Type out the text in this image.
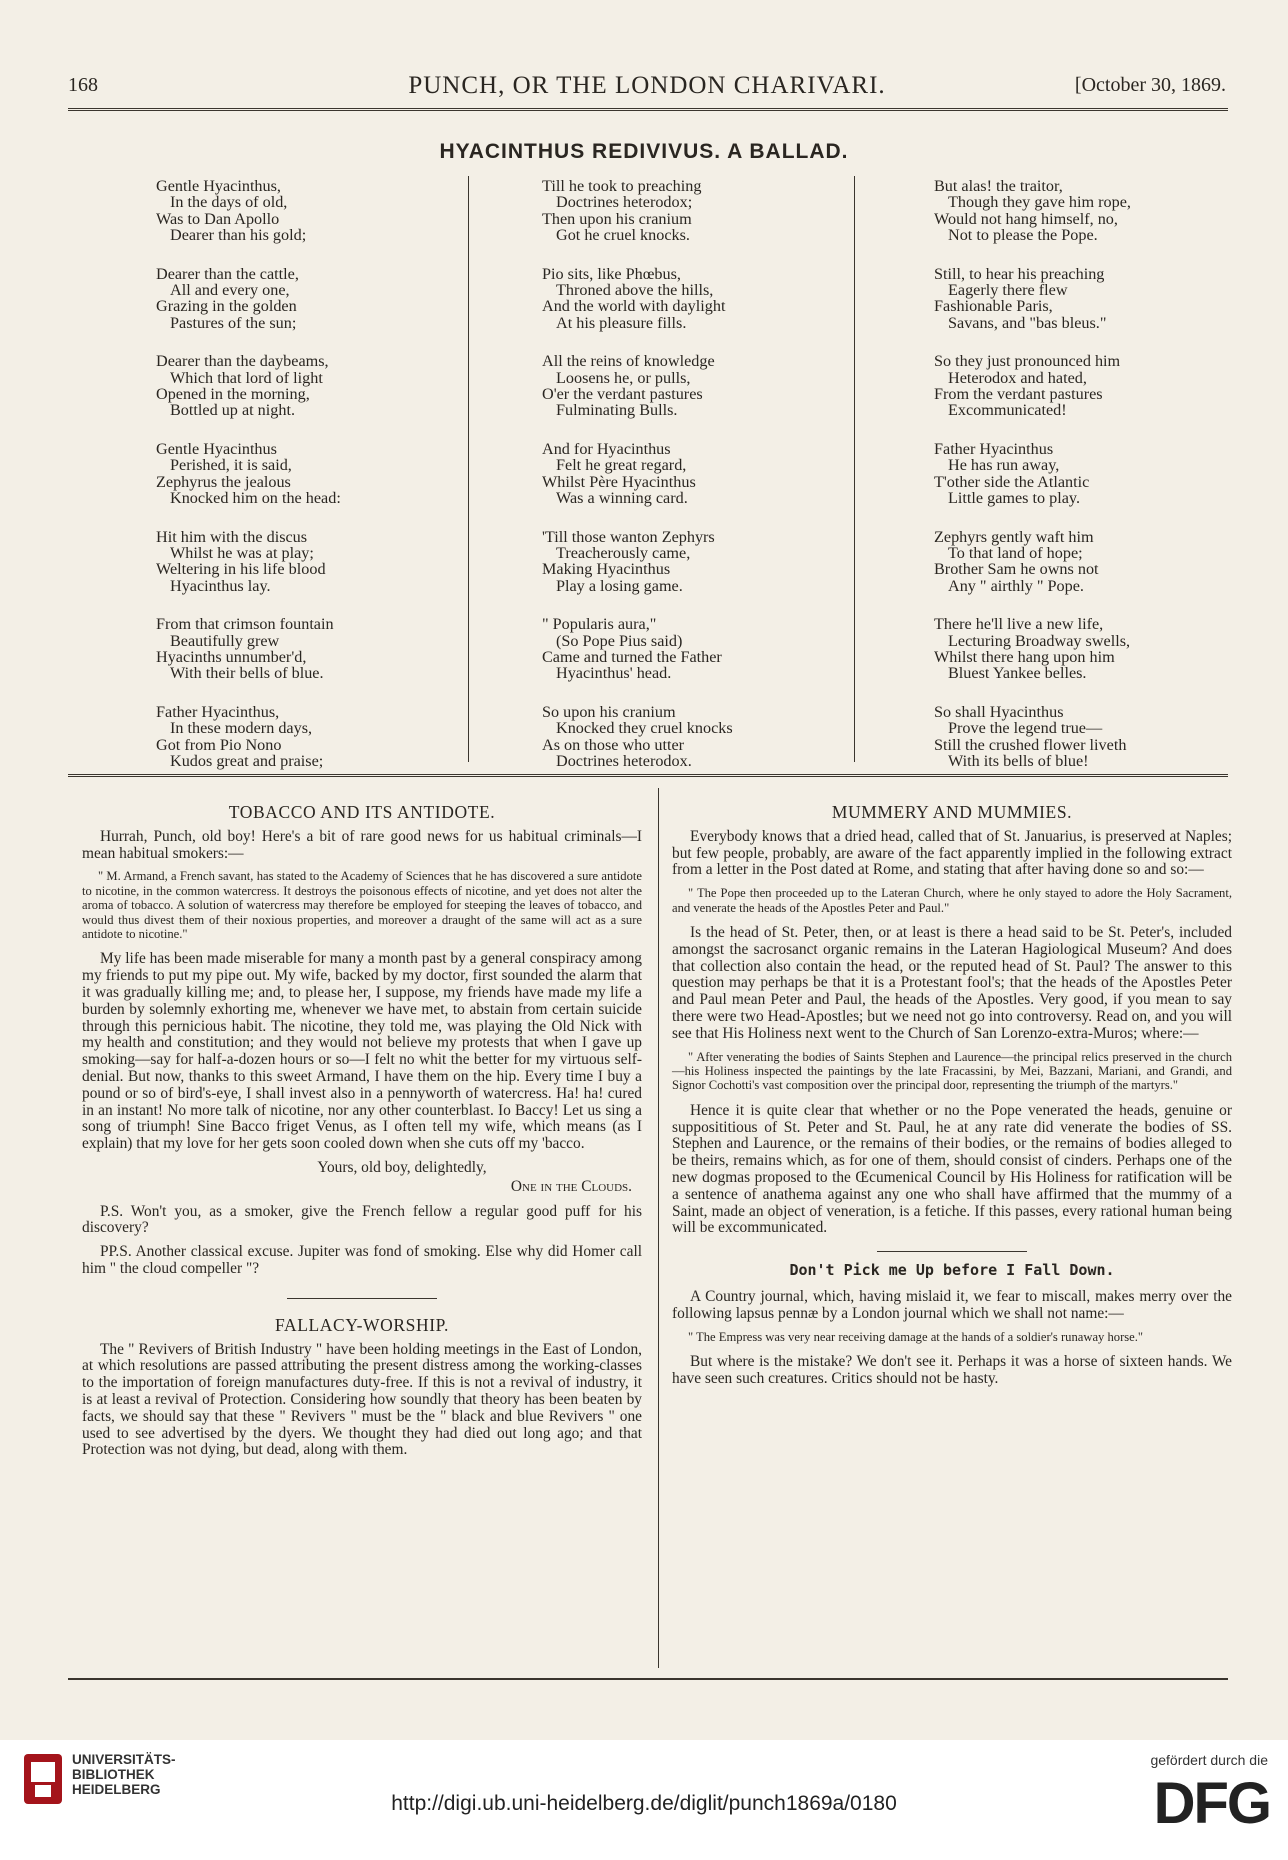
168	PUNCH, OR THE LONDON CHARIVARI.	[October 30, 1869.
HYACINTHUS REDIVIVUS. A BALLAD.
Gentle Hyacinthus,
In the days of old,
Was to Dan Apollo
Dearer than his gold;
Dearer than the cattle,
All and every one,
Grazing in the golden
Pastures of the sun;
Dearer than the daybeams,
Which that lord of light
Opened in the morning,
Bottled up at night.
Gentle Hyacinthus
Perished, it is said,
Zephyrus the jealous
Knocked him on the head:
Hit him with the discus
Whilst he was at play;
Weltering in his life blood
Hyacinthus lay.
From that crimson fountain
Beautifully grew
Hyacinths unnumber'd,
With their bells of blue.
Father Hyacinthus,
In these modern days,
Got from Pio Nono
Kudos great and praise;
Till he took to preaching
Doctrines heterodox;
Then upon his cranium
Got he cruel knocks.
Pio sits, like Phœbus,
Throned above the hills,
And the world with daylight
At his pleasure fills.
All the reins of knowledge
Loosens he, or pulls,
O'er the verdant pastures
Fulminating Bulls.
And for Hyacinthus
Felt he great regard,
Whilst Père Hyacinthus
Was a winning card.
'Till those wanton Zephyrs
Treacherously came,
Making Hyacinthus
Play a losing game.
" Popularis aura,"
(So Pope Pius said)
Came and turned the Father
Hyacinthus' head.
So upon his cranium
Knocked they cruel knocks
As on those who utter
Doctrines heterodox.
But alas! the traitor,
Though they gave him rope,
Would not hang himself, no,
Not to please the Pope.
Still, to hear his preaching
Eagerly there flew
Fashionable Paris,
Savans, and "bas bleus."
So they just pronounced him
Heterodox and hated,
From the verdant pastures
Excommunicated!
Father Hyacinthus
He has run away,
T'other side the Atlantic
Little games to play.
Zephyrs gently waft him
To that land of hope;
Brother Sam he owns not
Any " airthly " Pope.
There he'll live a new life,
Lecturing Broadway swells,
Whilst there hang upon him
Bluest Yankee belles.
So shall Hyacinthus
Prove the legend true—
Still the crushed flower liveth
With its bells of blue!
TOBACCO AND ITS ANTIDOTE.

Hurrah, Punch, old boy! Here's a bit of rare good news for us habitual criminals—I mean habitual smokers:—

" M. Armand, a French savant, has stated to the Academy of Sciences that he has discovered a sure antidote to nicotine, in the common watercress. It destroys the poisonous effects of nicotine, and yet does not alter the aroma of tobacco. A solution of watercress may therefore be employed for steeping the leaves of tobacco, and would thus divest them of their noxious properties, and moreover a draught of the same will act as a sure antidote to nicotine."

My life has been made miserable for many a month past by a general conspiracy among my friends to put my pipe out. My wife, backed by my doctor, first sounded the alarm that it was gradually killing me; and, to please her, I suppose, my friends have made my life a burden by solemnly exhorting me, whenever we have met, to abstain from certain suicide through this pernicious habit. The nicotine, they told me, was playing the Old Nick with my health and constitution; and they would not believe my protests that when I gave up smoking—say for half-a-dozen hours or so—I felt no whit the better for my virtuous self-denial. But now, thanks to this sweet Armand, I have them on the hip. Every time I buy a pound or so of bird's-eye, I shall invest also in a pennyworth of watercress. Ha! ha! cured in an instant! No more talk of nicotine, nor any other counterblast. Io Baccy! Let us sing a song of triumph! Sine Bacco friget Venus, as I often tell my wife, which means (as I explain) that my love for her gets soon cooled down when she cuts off my 'bacco.

Yours, old boy, delightedly,
One in the Clouds.

P.S. Won't you, as a smoker, give the French fellow a regular good puff for his discovery?

PP.S. Another classical excuse. Jupiter was fond of smoking. Else why did Homer call him " the cloud compeller "?

FALLACY-WORSHIP.

The " Revivers of British Industry " have been holding meetings in the East of London, at which resolutions are passed attributing the present distress among the working-classes to the importation of foreign manufactures duty-free. If this is not a revival of industry, it is at least a revival of Protection. Considering how soundly that theory has been beaten by facts, we should say that these " Revivers " must be the " black and blue Revivers " one used to see advertised by the dyers. We thought they had died out long ago; and that Protection was not dying, but dead, along with them.

MUMMERY AND MUMMIES.

Everybody knows that a dried head, called that of St. Januarius, is preserved at Naples; but few people, probably, are aware of the fact apparently implied in the following extract from a letter in the Post dated at Rome, and stating that after having done so and so:—

" The Pope then proceeded up to the Lateran Church, where he only stayed to adore the Holy Sacrament, and venerate the heads of the Apostles Peter and Paul."

Is the head of St. Peter, then, or at least is there a head said to be St. Peter's, included amongst the sacrosanct organic remains in the Lateran Hagiological Museum? And does that collection also contain the head, or the reputed head of St. Paul? The answer to this question may perhaps be that it is a Protestant fool's; that the heads of the Apostles Peter and Paul mean Peter and Paul, the heads of the Apostles. Very good, if you mean to say there were two Head-Apostles; but we need not go into controversy. Read on, and you will see that His Holiness next went to the Church of San Lorenzo-extra-Muros; where:—

" After venerating the bodies of Saints Stephen and Laurence—the principal relics preserved in the church—his Holiness inspected the paintings by the late Fracassini, by Mei, Bazzani, Mariani, and Grandi, and Signor Cochotti's vast composition over the principal door, representing the triumph of the martyrs."

Hence it is quite clear that whether or no the Pope venerated the heads, genuine or supposititious of St. Peter and St. Paul, he at any rate did venerate the bodies of SS. Stephen and Laurence, or the remains of their bodies, or the remains of bodies alleged to be theirs, remains which, as for one of them, should consist of cinders. Perhaps one of the new dogmas proposed to the Œcumenical Council by His Holiness for ratification will be a sentence of anathema against any one who shall have affirmed that the mummy of a Saint, made an object of veneration, is a fetiche. If this passes, every rational human being will be excommunicated.

Don't Pick me Up before I Fall Down.

A Country journal, which, having mislaid it, we fear to miscall, makes merry over the following lapsus pennæ by a London journal which we shall not name:—

" The Empress was very near receiving damage at the hands of a soldier's runaway horse."

But where is the mistake? We don't see it. Perhaps it was a horse of sixteen hands. We have seen such creatures. Critics should not be hasty.

UNIVERSITÄTS-
BIBLIOTHEK
HEIDELBERG
http://digi.ub.uni-heidelberg.de/diglit/punch1869a/0180
gefördert durch die
DFG
